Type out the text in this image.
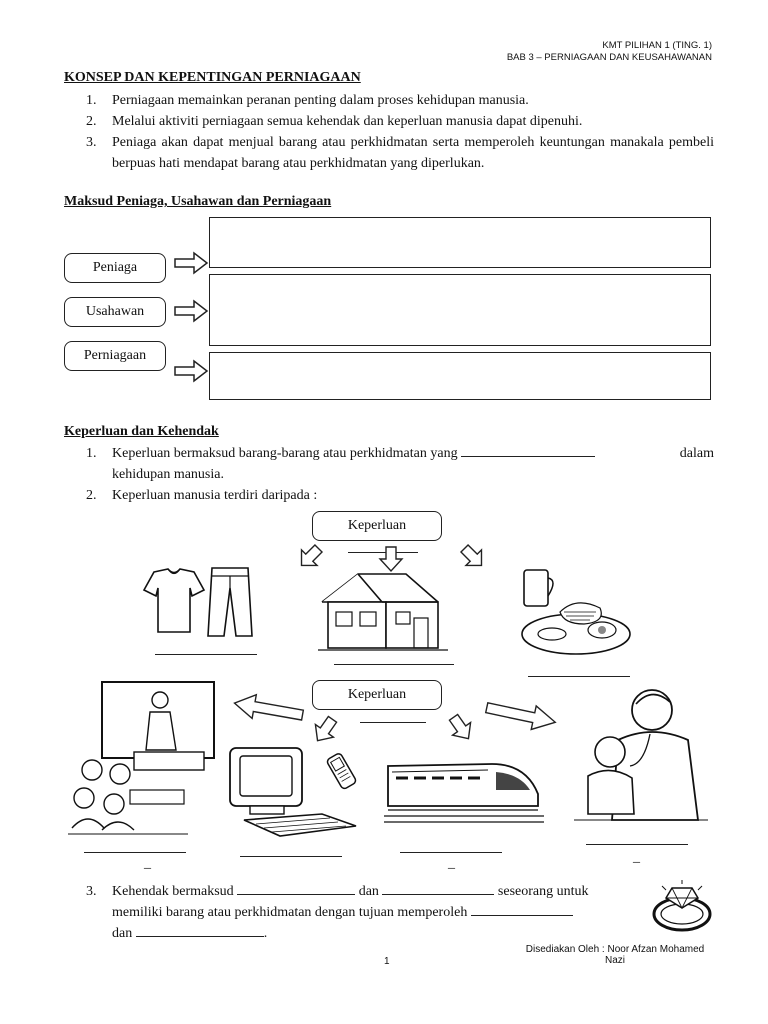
KMT PILIHAN 1 (TING. 1)
BAB 3 – PERNIAGAAN DAN KEUSAHAWANAN
KONSEP DAN KEPENTINGAN PERNIAGAAN
1. Perniagaan memainkan peranan penting dalam proses kehidupan manusia.
2. Melalui aktiviti perniagaan semua kehendak dan keperluan manusia dapat dipenuhi.
3. Peniaga akan dapat menjual barang atau perkhidmatan serta memperoleh keuntungan manakala pembeli berpuas hati mendapat barang atau perkhidmatan yang diperlukan.
Maksud Peniaga, Usahawan dan Perniagaan
Peniaga
Usahawan
Perniagaan
Keperluan dan Kehendak
1. Keperluan bermaksud barang-barang atau perkhidmatan yang	dalam
kehidupan manusia.
2. Keperluan manusia terdiri daripada :
Keperluan
Keperluan
_	_	_
3. Kehendak bermaksud	dan	seseorang untuk
memiliki barang atau perkhidmatan dengan tujuan memperoleh
dan	.
1
Disediakan Oleh : Noor Afzan Mohamed
Nazi
